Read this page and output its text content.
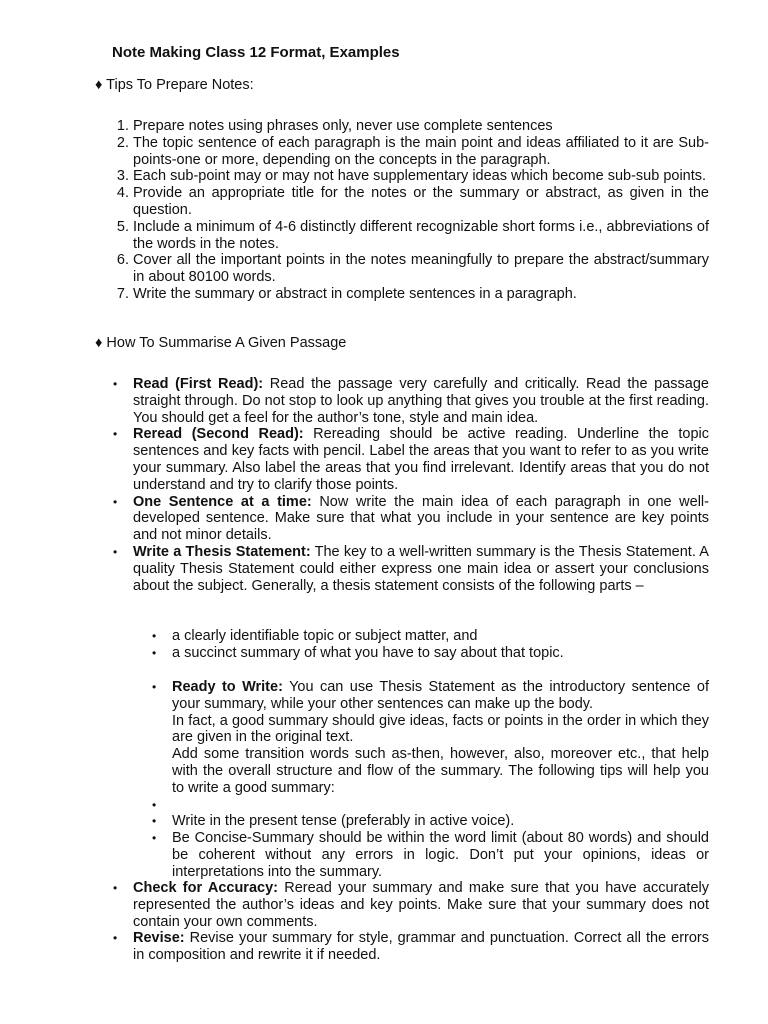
Note Making Class 12 Format, Examples

♦ Tips To Prepare Notes:

1. Prepare notes using phrases only, never use complete sentences
2. The topic sentence of each paragraph is the main point and ideas affiliated to it are Sub-points-one or more, depending on the concepts in the paragraph.
3. Each sub-point may or may not have supplementary ideas which become sub-sub points.
4. Provide an appropriate title for the notes or the summary or abstract, as given in the question.
5. Include a minimum of 4-6 distinctly different recognizable short forms i.e., abbreviations of the words in the notes.
6. Cover all the important points in the notes meaningfully to prepare the abstract/summary in about 80100 words.
7. Write the summary or abstract in complete sentences in a paragraph.

♦ How To Summarise A Given Passage

• Read (First Read): Read the passage very carefully and critically. Read the passage straight through. Do not stop to look up anything that gives you trouble at the first reading. You should get a feel for the author’s tone, style and main idea.
• Reread (Second Read): Rereading should be active reading. Underline the topic sentences and key facts with pencil. Label the areas that you want to refer to as you write your summary. Also label the areas that you find irrelevant. Identify areas that you do not understand and try to clarify those points.
• One Sentence at a time: Now write the main idea of each paragraph in one well-developed sentence. Make sure that what you include in your sentence are key points and not minor details.
• Write a Thesis Statement: The key to a well-written summary is the Thesis Statement. A quality Thesis Statement could either express one main idea or assert your conclusions about the subject. Generally, a thesis statement consists of the following parts –
• a clearly identifiable topic or subject matter, and
• a succinct summary of what you have to say about that topic.
• Ready to Write: You can use Thesis Statement as the introductory sentence of your summary, while your other sentences can make up the body.
In fact, a good summary should give ideas, facts or points in the order in which they are given in the original text.
Add some transition words such as-then, however, also, moreover etc., that help with the overall structure and flow of the summary. The following tips will help you to write a good summary:
•
• Write in the present tense (preferably in active voice).
• Be Concise-Summary should be within the word limit (about 80 words) and should be coherent without any errors in logic. Don’t put your opinions, ideas or interpretations into the summary.
• Check for Accuracy: Reread your summary and make sure that you have accurately represented the author’s ideas and key points. Make sure that your summary does not contain your own comments.
• Revise: Revise your summary for style, grammar and punctuation. Correct all the errors in composition and rewrite it if needed.
